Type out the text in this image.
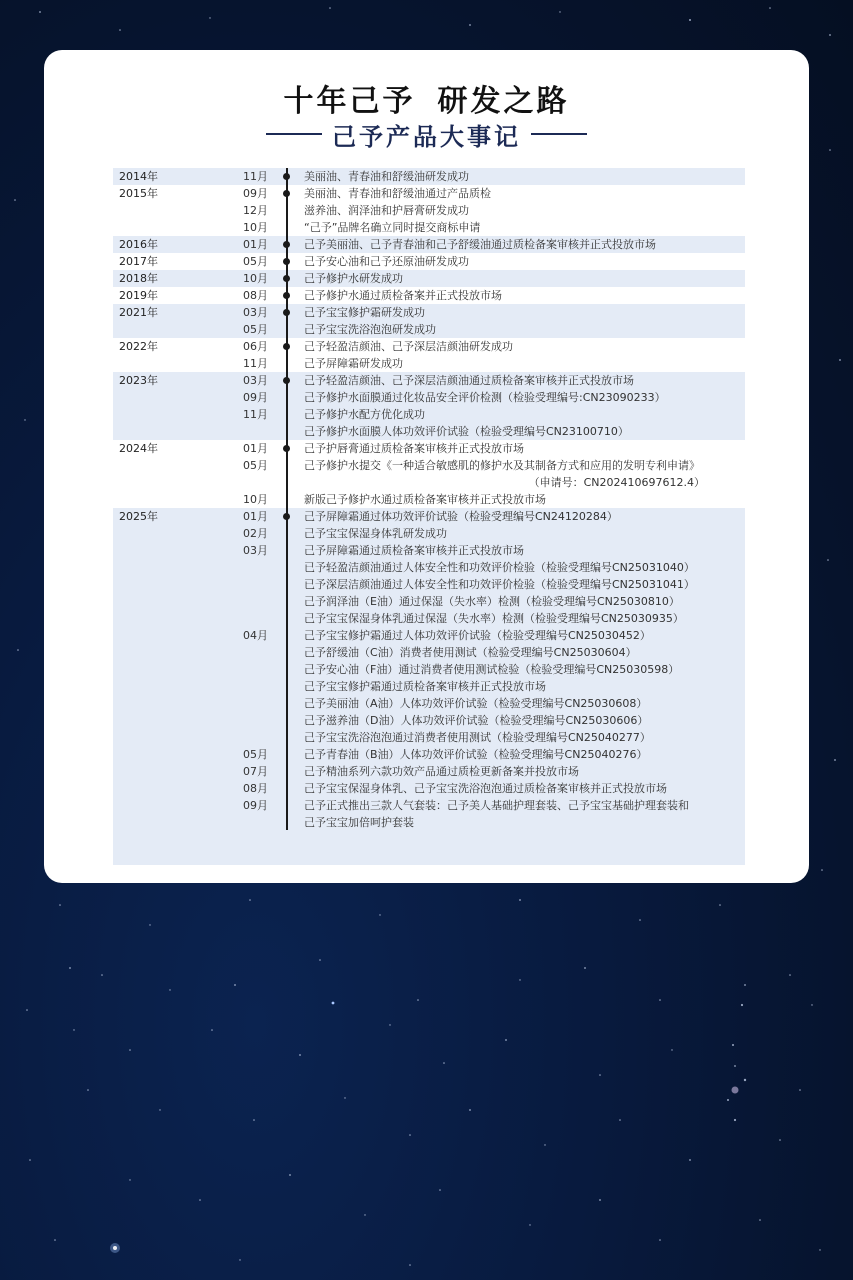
十年己予 研发之路
己予产品大事记
2014年	11月	美丽油、青春油和舒缓油研发成功
2015年	09月	美丽油、青春油和舒缓油通过产品质检
12月	滋养油、润泽油和护唇膏研发成功
10月	“己予”品牌名确立同时提交商标申请
2016年	01月	己予美丽油、己予青春油和己予舒缓油通过质检备案审核并正式投放市场
2017年	05月	己予安心油和己予还原油研发成功
2018年	10月	己予修护水研发成功
2019年	08月	己予修护水通过质检备案并正式投放市场
2021年	03月	己予宝宝修护霜研发成功
05月	己予宝宝洗浴泡泡研发成功
2022年	06月	己予轻盈洁颜油、己予深层洁颜油研发成功
11月	己予屏障霜研发成功
2023年	03月	己予轻盈洁颜油、己予深层洁颜油通过质检备案审核并正式投放市场
09月	己予修护水面膜通过化妆品安全评价检测（检验受理编号:CN23090233）
11月	己予修护水配方优化成功
己予修护水面膜人体功效评价试验（检验受理编号CN23100710）
2024年	01月	己予护唇膏通过质检备案审核并正式投放市场
05月	己予修护水提交《一种适合敏感肌的修护水及其制备方式和应用的发明专利申请》
（申请号：CN202410697612.4）
10月	新版己予修护水通过质检备案审核并正式投放市场
2025年	01月	己予屏障霜通过体功效评价试验（检验受理编号CN24120284）
02月	己予宝宝保湿身体乳研发成功
03月	己予屏障霜通过质检备案审核并正式投放市场
已予轻盈洁颜油通过人体安全性和功效评价检验（检验受理编号CN25031040）
已予深层洁颜油通过人体安全性和功效评价检验（检验受理编号CN25031041）
己予润泽油（E油）通过保湿（失水率）检测（检验受理编号CN25030810）
己予宝宝保湿身体乳通过保湿（失水率）检测（检验受理编号CN25030935）
04月	己予宝宝修护霜通过人体功效评价试验（检验受理编号CN25030452）
己予舒缓油（C油）消费者使用测试（检验受理编号CN25030604）
己予安心油（F油）通过消费者使用测试检验（检验受理编号CN25030598）
己予宝宝修护霜通过质检备案审核并正式投放市场
己予美丽油（A油）人体功效评价试验（检验受理编号CN25030608）
己予滋养油（D油）人体功效评价试验（检验受理编号CN25030606）
己予宝宝洗浴泡泡通过消费者使用测试（检验受理编号CN25040277）
05月	己予青春油（B油）人体功效评价试验（检验受理编号CN25040276）
07月	己予精油系列六款功效产品通过质检更新备案并投放市场
08月	己予宝宝保湿身体乳、己予宝宝洗浴泡泡通过质检备案审核并正式投放市场
09月	己予正式推出三款人气套装：己予美人基础护理套装、己予宝宝基础护理套装和
己予宝宝加倍呵护套装
